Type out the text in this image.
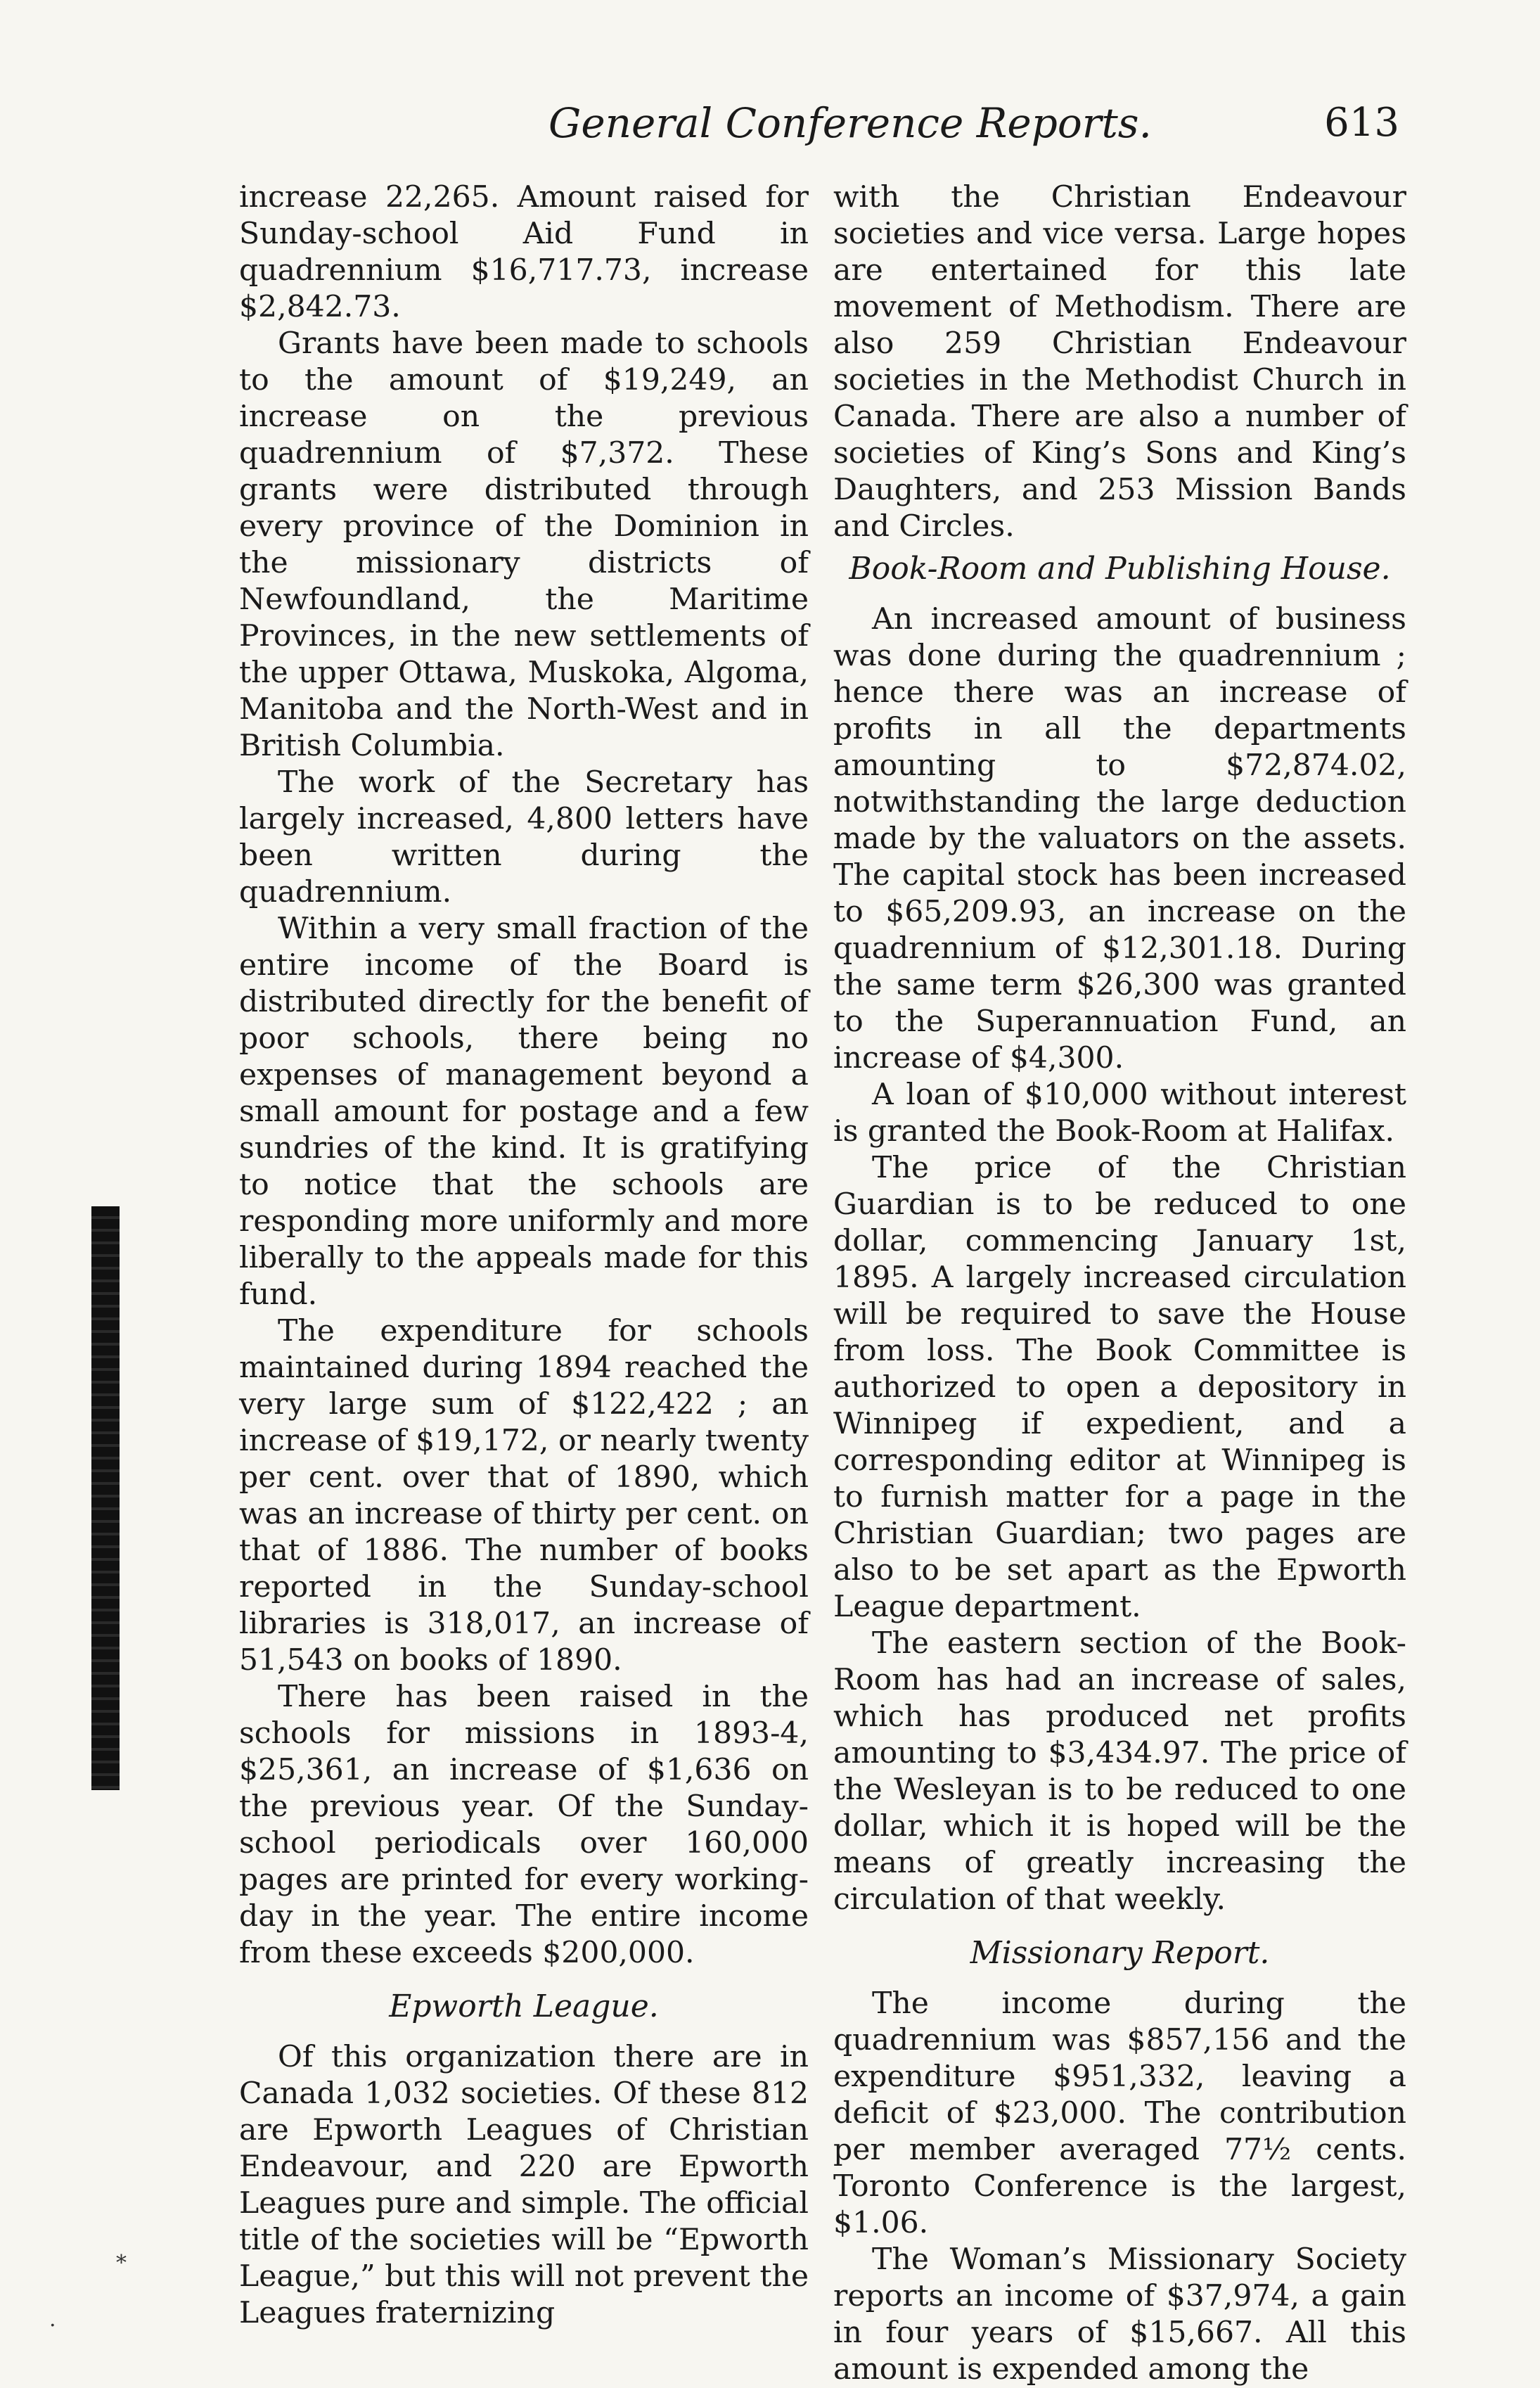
General Conference Reports.	613
*
.

increase 22,265. Amount raised for Sunday-school Aid Fund in quadrennium $16,717.73, increase $2,842.73.

Grants have been made to schools to the amount of $19,249, an increase on the previous quadrennium of $7,372. These grants were distributed through every province of the Dominion in the missionary districts of Newfoundland, the Maritime Provinces, in the new settlements of the upper Ottawa, Muskoka, Algoma, Manitoba and the North-West and in British Columbia.

The work of the Secretary has largely increased, 4,800 letters have been written during the quadrennium.

Within a very small fraction of the entire income of the Board is distributed directly for the benefit of poor schools, there being no expenses of management beyond a small amount for postage and a few sundries of the kind. It is gratifying to notice that the schools are responding more uniformly and more liberally to the appeals made for this fund.

The expenditure for schools maintained during 1894 reached the very large sum of $122,422 ; an increase of $19,172, or nearly twenty per cent. over that of 1890, which was an increase of thirty per cent. on that of 1886. The number of books reported in the Sunday-school libraries is 318,017, an increase of 51,543 on books of 1890.

There has been raised in the schools for missions in 1893-4, $25,361, an increase of $1,636 on the previous year. Of the Sunday-school periodicals over 160,000 pages are printed for every working-day in the year. The entire income from these exceeds $200,000.

Epworth League.

Of this organization there are in Canada 1,032 societies. Of these 812 are Epworth Leagues of Christian Endeavour, and 220 are Epworth Leagues pure and simple. The official title of the societies will be “Epworth League,” but this will not prevent the Leagues fraternizing

with the Christian Endeavour societies and vice versa. Large hopes are entertained for this late movement of Methodism. There are also 259 Christian Endeavour societies in the Methodist Church in Canada. There are also a number of societies of King’s Sons and King’s Daughters, and 253 Mission Bands and Circles.

Book-Room and Publishing House.

An increased amount of business was done during the quadrennium ; hence there was an increase of profits in all the departments amounting to $72,874.02, notwithstanding the large deduction made by the valuators on the assets. The capital stock has been increased to $65,209.93, an increase on the quadrennium of $12,301.18. During the same term $26,300 was granted to the Superannuation Fund, an increase of $4,300.

A loan of $10,000 without interest is granted the Book-Room at Halifax.

The price of the Christian Guardian is to be reduced to one dollar, commencing January 1st, 1895. A largely increased circulation will be required to save the House from loss. The Book Committee is authorized to open a depository in Winnipeg if expedient, and a corresponding editor at Winnipeg is to furnish matter for a page in the Christian Guardian; two pages are also to be set apart as the Epworth League department.

The eastern section of the Book-Room has had an increase of sales, which has produced net profits amounting to $3,434.97. The price of the Wesleyan is to be reduced to one dollar, which it is hoped will be the means of greatly increasing the circulation of that weekly.

Missionary Report.

The income during the quadrennium was $857,156 and the expenditure $951,332, leaving a deficit of $23,000. The contribution per member averaged 77½ cents. Toronto Conference is the largest, $1.06.

The Woman’s Missionary Society reports an income of $37,974, a gain in four years of $15,667. All this amount is expended among the
